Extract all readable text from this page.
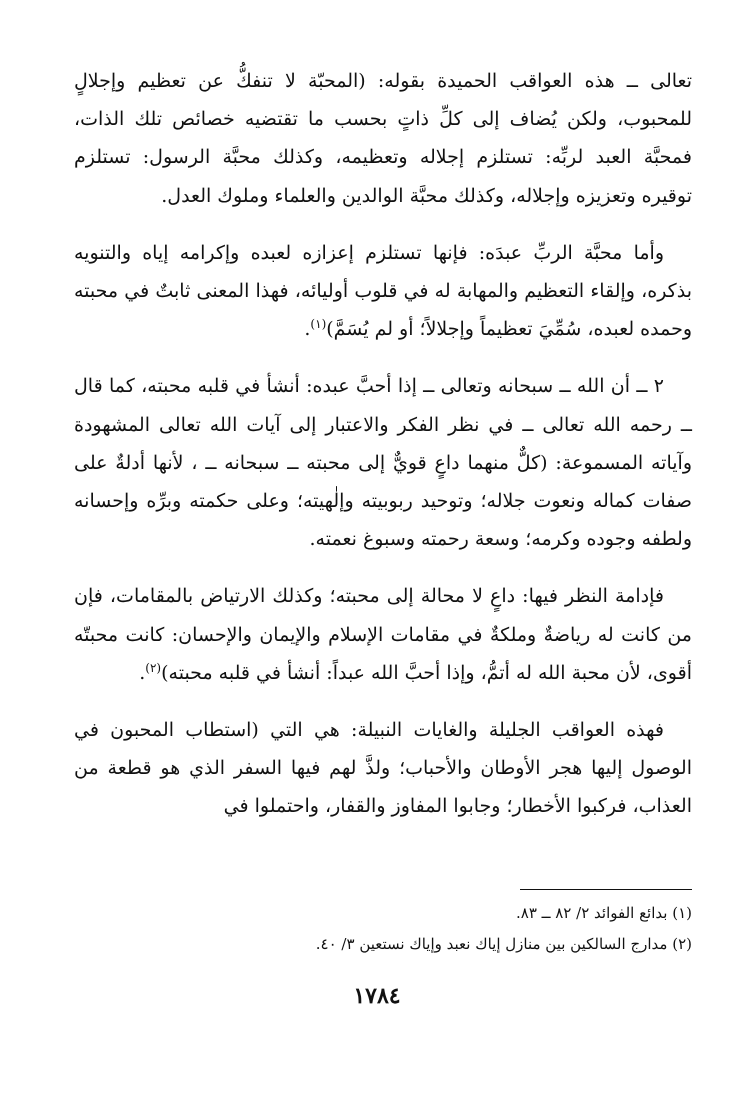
تعالى ــ هذه العواقب الحميدة بقوله: (المحبّة لا تنفكُّ عن تعظيم وإجلالٍ للمحبوب، ولكن يُضاف إلى كلِّ ذاتٍ بحسب ما تقتضيه خصائص تلك الذات، فمحبَّة العبد لربِّه: تستلزم إجلاله وتعظيمه، وكذلك محبَّة الرسول: تستلزم توقيره وتعزيزه وإجلاله، وكذلك محبَّة الوالدين والعلماء وملوك العدل.

وأما محبَّة الربِّ عبدَه: فإنها تستلزم إعزازه لعبده وإكرامه إياه والتنويه بذكره، وإلقاء التعظيم والمهابة له في قلوب أوليائه، فهذا المعنى ثابتٌ في محبته وحمده لعبده، سُمِّيَ تعظيماً وإجلالاً؛ أو لم يُسَمَّ)$^{(١)}$.

٢ ــ أن الله ــ سبحانه وتعالى ــ إذا أحبَّ عبده: أنشأ في قلبه محبته، كما قال ــ رحمه الله تعالى ــ في نظر الفكر والاعتبار إلى آيات الله تعالى المشهودة وآياته المسموعة: (كلٌّ منهما داعٍ قويٌّ إلى محبته ــ سبحانه ــ ، لأنها أدلةٌ على صفات كماله ونعوت جلاله؛ وتوحيد ربوبيته وإلٰهيته؛ وعلى حكمته وبرِّه وإحسانه ولطفه وجوده وكرمه؛ وسعة رحمته وسبوغ نعمته.

فإدامة النظر فيها: داعٍ لا محالة إلى محبته؛ وكذلك الارتياض بالمقامات، فإن من كانت له رياضةٌ وملكةٌ في مقامات الإسلام والإيمان والإحسان: كانت محبتّه أقوى، لأن محبة الله له أتمُّ، وإذا أحبَّ الله عبداً: أنشأ في قلبه محبته)$^{(٢)}$.

فهذه العواقب الجليلة والغايات النبيلة: هي التي (استطاب المحبون في الوصول إليها هجر الأوطان والأحباب؛ ولذَّ لهم فيها السفر الذي هو قطعة من العذاب، فركبوا الأخطار؛ وجابوا المفاوز والقفار، واحتملوا في

(١) بدائع الفوائد ٢/ ٨٢ ــ ٨٣.

(٢) مدارج السالكين بين منازل إياك نعبد وإياك نستعين ٣/ ٤٠.

١٧٨٤
